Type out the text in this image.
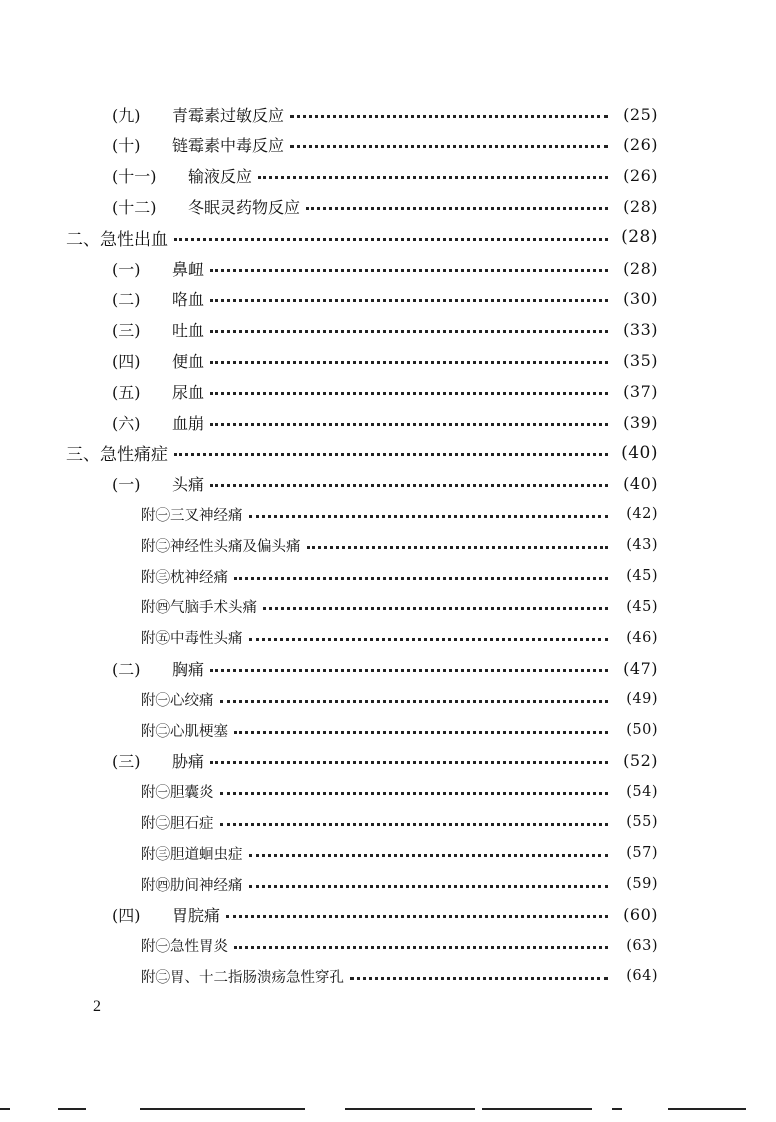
(九)	青霉素过敏反应	(25)
(十)	链霉素中毒反应	(26)
(十一)	输液反应	(26)
(十二)	冬眠灵药物反应	(28)
二、 急性出血	(28)
(一)	鼻衄	(28)
(二)	咯血	(30)
(三)	吐血	(33)
(四)	便血	(35)
(五)	尿血	(37)
(六)	血崩	(39)
三、 急性痛症	(40)
(一)	头痛	(40)
附㊀ 三叉神经痛	(42)
附㊁ 神经性头痛及偏头痛	(43)
附㊂ 枕神经痛	(45)
附㊃ 气脑手术头痛	(45)
附㊄ 中毒性头痛	(46)
(二)	胸痛	(47)
附㊀ 心绞痛	(49)
附㊁ 心肌梗塞	(50)
(三)	胁痛	(52)
附㊀ 胆囊炎	(54)
附㊁ 胆石症	(55)
附㊂ 胆道蛔虫症	(57)
附㊃ 肋间神经痛	(59)
(四)	胃脘痛	(60)
附㊀ 急性胃炎	(63)
附㊁ 胃、十二指肠溃疡急性穿孔	(64)
2
